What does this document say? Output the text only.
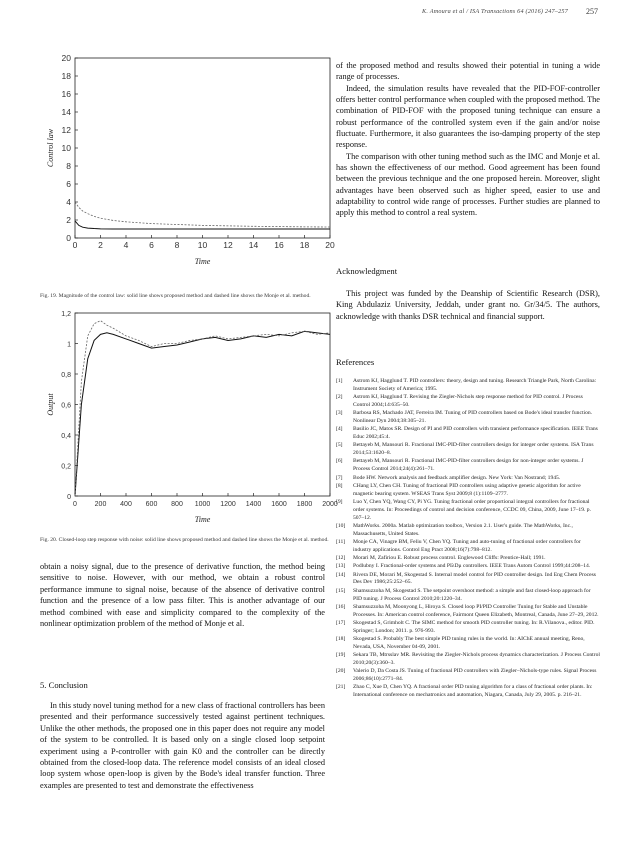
K. Amoura et al / ISA Transactions 64 (2016) 247–257 257
0 2 4 6 8 10 12 14 16 18 20
0
2
4
6
8
10
12
14
16
18
20
Time
Control law
Fig. 19. Magnitude of the control law: solid line shows proposed method and dashed line shows the Monje et al. method.
0	200 400 600 800 1000 1200 1400 1600 1800 2000
0
0,2
0,4
0,6
0,8
1
1,2
Time
Output
Fig. 20. Closed-loop step response with noise: solid line shows proposed method and dashed line shows the Monje et al. method.

obtain a noisy signal, due to the presence of derivative function, the method being sensitive to noise. However, with our method, we obtain a robust control performance immune to signal noise, because of the absence of derivative control function and the presence of a low pass filter. This is another advantage of our method combined with ease and simplicity compared to the complexity of the nonlinear optimization problem of the method of Monje et al.

5. Conclusion

In this study novel tuning method for a new class of fractional controllers has been presented and their performance successively tested against pertinent techniques. Unlike the other methods, the proposed one in this paper does not require any model of the system to be controlled. It is based only on a single closed loop setpoint experiment using a P-controller with gain K0 and the controller can be directly obtained from the closed-loop data. The reference model consists of an ideal closed loop system whose open-loop is given by the Bode's ideal transfer function. Three examples are presented to test and demonstrate the effectiveness

of the proposed method and results showed their potential in tuning a wide range of processes.

Indeed, the simulation results have revealed that the PID-FOF-controller offers better control performance when coupled with the proposed method. The combination of PID-FOF with the proposed tuning technique can ensure a robust performance of the controlled system even if the gain and/or noise fluctuate. Furthermore, it also guarantees the iso-damping property of the step response.

The comparison with other tuning method such as the IMC and Monje et al. has shown the effectiveness of our method. Good agreement has been found between the previous technique and the one proposed herein. Moreover, slight advantages have been observed such as higher speed, easier to use and adaptability to control wide range of processes. Further studies are planned to apply this method to control a real system.

Acknowledgment

This project was funded by the Deanship of Scientific Research (DSR), King Abdulaziz University, Jeddah, under grant no. Gr/34/5. The authors, acknowledge with thanks DSR technical and financial support.

References
[1] Astrom KJ, Hagglund T. PID controllers: theory, design and tuning. Research Triangle Park, North Carolina: Instrument Society of America; 1995.
[2] Astrom KJ, Hagglund T. Revising the Ziegler-Nichols step response method for PID control. J Process Control 2004;14:635–50.
[3] Barbosa RS, Machado JAT, Ferreira IM. Tuning of PID controllers based on Bode's ideal transfer function. Nonlinear Dyn 2004;38:305–21.
[4] Basilio JC, Matos SR. Design of PI and PID controllers with transient performance specification. IEEE Trans Educ 2002;45:4.
[5] Bettayeb M, Mansouri R. Fractional IMC-PID-filter controllers design for integer order systems. ISA Trans 2014;53:1620–8.
[6] Bettayeb M, Mansouri R. Fractional IMC-PID-filter controllers design for non-integer order systems. J Process Control 2014;24(4):261–71.
[7] Bode HW. Network analysis and feedback amplifier design. New York: Van Nostrand; 1945.
[8] CHang LY, Chen CH. Tuning of fractional PID controllers using adaptive genetic algorithm for active magnetic bearing system. WSEAS Trans Syst 2009;8 (1):1109–2777.
[9] Luo Y, Chen YQ, Wang CY, Pi YG. Tuning fractional order proportional integral controllers for fractional order systems. In: Proceedings of control and decision conference, CCDC 09, China, 2009, June 17–19. p. 507–12.
[10] MathWorks. 2000a. Matlab optimization toolbox, Version 2.1. User's guide. The MathWorks, Inc., Massachusetts, United States.
[11] Monje CA, Vinagre BM, Feliu V, Chen YQ. Tuning and auto-tuning of fractional order controllers for industry applications. Control Eng Pract 2008;16(7):798–812.
[12] Morari M, Zafiriou E. Robust process control. Englewood Cliffs: Prentice-Hall; 1991.
[13] Podlubny I. Fractional-order systems and PIλDμ controllers. IEEE Trans Autom Control 1999;44:208–14.
[14] Rivera DE, Morari M, Skogestad S. Internal model control for PID controller design. Ind Eng Chem Process Des Dev 1986;25:252–65.
[15] Shamsuzzoha M, Skogestad S. The setpoint overshoot method: a simple and fast closed-loop approach for PID tuning. J Process Control 2010;20:1220–34.
[16] Shamsuzzoha M, Moonyong L, Hiroya S. Closed loop PI/PID Controller Tuning for Stable and Unstable Processes. In: American control conference, Fairmont Queen Elizabeth, Montreal, Canada, June 27–29, 2012.
[17] Skogestad S, Grimholt C. The SIMC method for smooth PID controller tuning. In: R.Vilanova., editor. PID. Springer; London; 2011. p. 976-993.
[18] Skogestad S. Probably The best simple PID tuning rules in the world. In: AIChE annual meeting, Reno, Nevada, USA, November 04-09, 2001.
[19] Sekara TB, Mtrsslav MR. Revisiting the Ziegler-Nichols process dynamics characterization. J Process Control 2010;20(3):360–3.
[20] Valerio D, Da Costa JS. Tuning of fractional PID controllers with Ziegler–Nichols-type rules. Signal Process 2006;86(10):2771–84.
[21] Zhao C, Xue D, Chen YQ. A fractional order PID tuning algorithm for a class of fractional order plants. In: International conference on mechatronics and automation, Niagara, Canada, July 29, 2005. p. 216–21.
